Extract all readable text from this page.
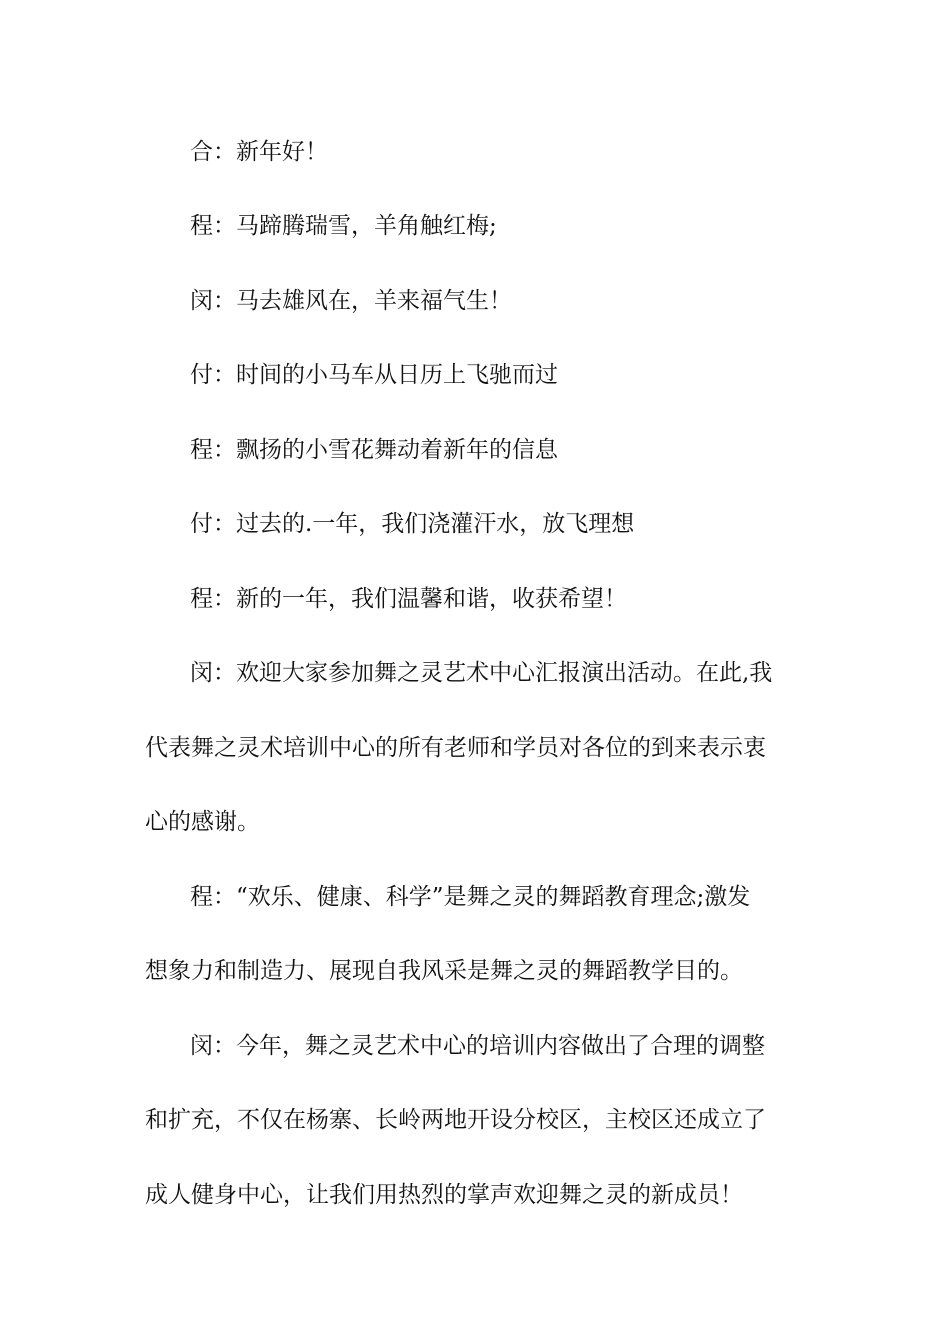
合：新年好！

程：马蹄腾瑞雪，羊角触红梅;

闵：马去雄风在，羊来福气生！

付：时间的小马车从日历上飞驰而过

程：飘扬的小雪花舞动着新年的信息

付：过去的.一年，我们浇灌汗水，放飞理想

程：新的一年，我们温馨和谐，收获希望！

闵：欢迎大家参加舞之灵艺术中心汇报演出活动。在此,我

代表舞之灵术培训中心的所有老师和学员对各位的到来表示衷

心的感谢。

程：“欢乐、健康、科学”是舞之灵的舞蹈教育理念;激发

想象力和制造力、展现自我风采是舞之灵的舞蹈教学目的。

闵：今年，舞之灵艺术中心的培训内容做出了合理的调整

和扩充，不仅在杨寨、长岭两地开设分校区，主校区还成立了

成人健身中心，让我们用热烈的掌声欢迎舞之灵的新成员！
